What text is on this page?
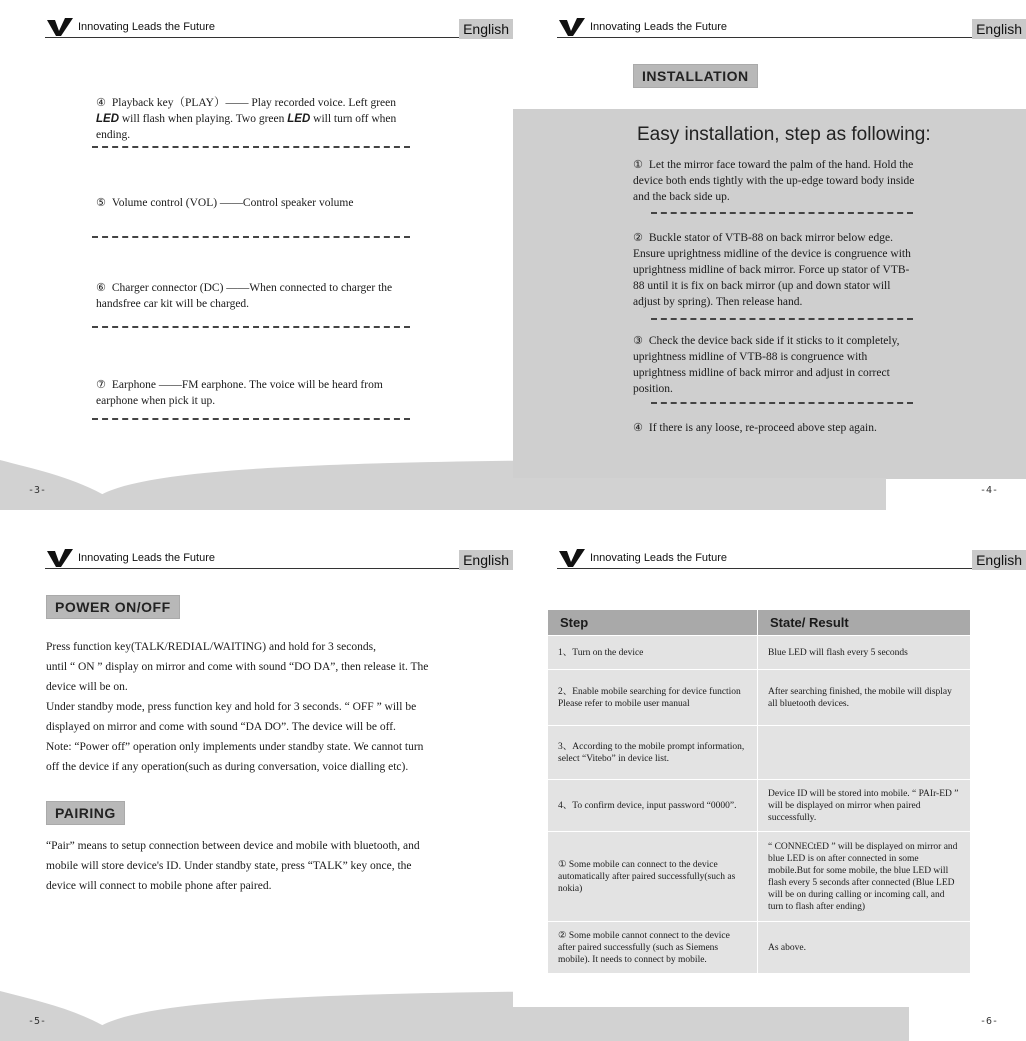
Innovating Leads the Future	English
④ Playback key（PLAY）—— Play recorded voice. Left green LED will flash when playing. Two green LED will turn off when ending.
⑤ Volume control (VOL) ——Control speaker volume
⑥ Charger connector (DC) ——When connected to charger the handsfree car kit will be charged.
⑦ Earphone ——FM earphone. The voice will be heard from earphone when pick it up.
-3-
Innovating Leads the Future	English
INSTALLATION
Easy installation, step as following:
① Let the mirror face toward the palm of the hand. Hold the device both ends tightly with the up-edge toward body inside and the back side up.
② Buckle stator of VTB-88 on back mirror below edge. Ensure uprightness midline of the device is congruence with uprightness midline of back mirror. Force up stator of VTB-88 until it is fix on back mirror (up and down stator will adjust by spring). Then release hand.
③ Check the device back side if it sticks to it completely, uprightness midline of VTB-88 is congruence with uprightness midline of back mirror and adjust in correct position.
④ If there is any loose, re-proceed above step again.
-4-
Innovating Leads the Future	English
POWER ON/OFF
Press function key(TALK/REDIAL/WAITING) and hold for 3 seconds,
until “ ON ” display on mirror and come with sound “DO DA”, then release it. The
device will be on.
Under standby mode, press function key and hold for 3 seconds. “ OFF ” will be
displayed on mirror and come with sound “DA DO”. The device will be off.
Note: “Power off” operation only implements under standby state. We cannot turn
off the device if any operation(such as during conversation, voice dialling etc).
PAIRING
“Pair” means to setup connection between device and mobile with bluetooth, and
mobile will store device's ID. Under standby state, press “TALK” key once, the
device will connect to mobile phone after paired.
-5-
Innovating Leads the Future	English
Step	State/ Result
1、Turn on the device	Blue LED will flash every 5 seconds
2、Enable mobile searching for device function
Please refer to mobile user manual	After searching finished, the mobile will display all bluetooth devices.
3、According to the mobile prompt information, select “Vitebo” in device list.	
4、To confirm device, input password “0000”.	Device ID will be stored into mobile. “ PAIr-ED ” will be displayed on mirror when paired successfully.
① Some mobile can connect to the device automatically after paired successfully(such as nokia)	“ CONNECtED ” will be displayed on mirror and blue LED is on after connected in some mobile.But for some mobile, the blue LED will flash every 5 seconds after connected (Blue LED will be on during calling or incoming call, and turn to flash after ending)
② Some mobile cannot connect to the device after paired successfully (such as Siemens mobile). It needs to connect by mobile.	As above.
-6-
